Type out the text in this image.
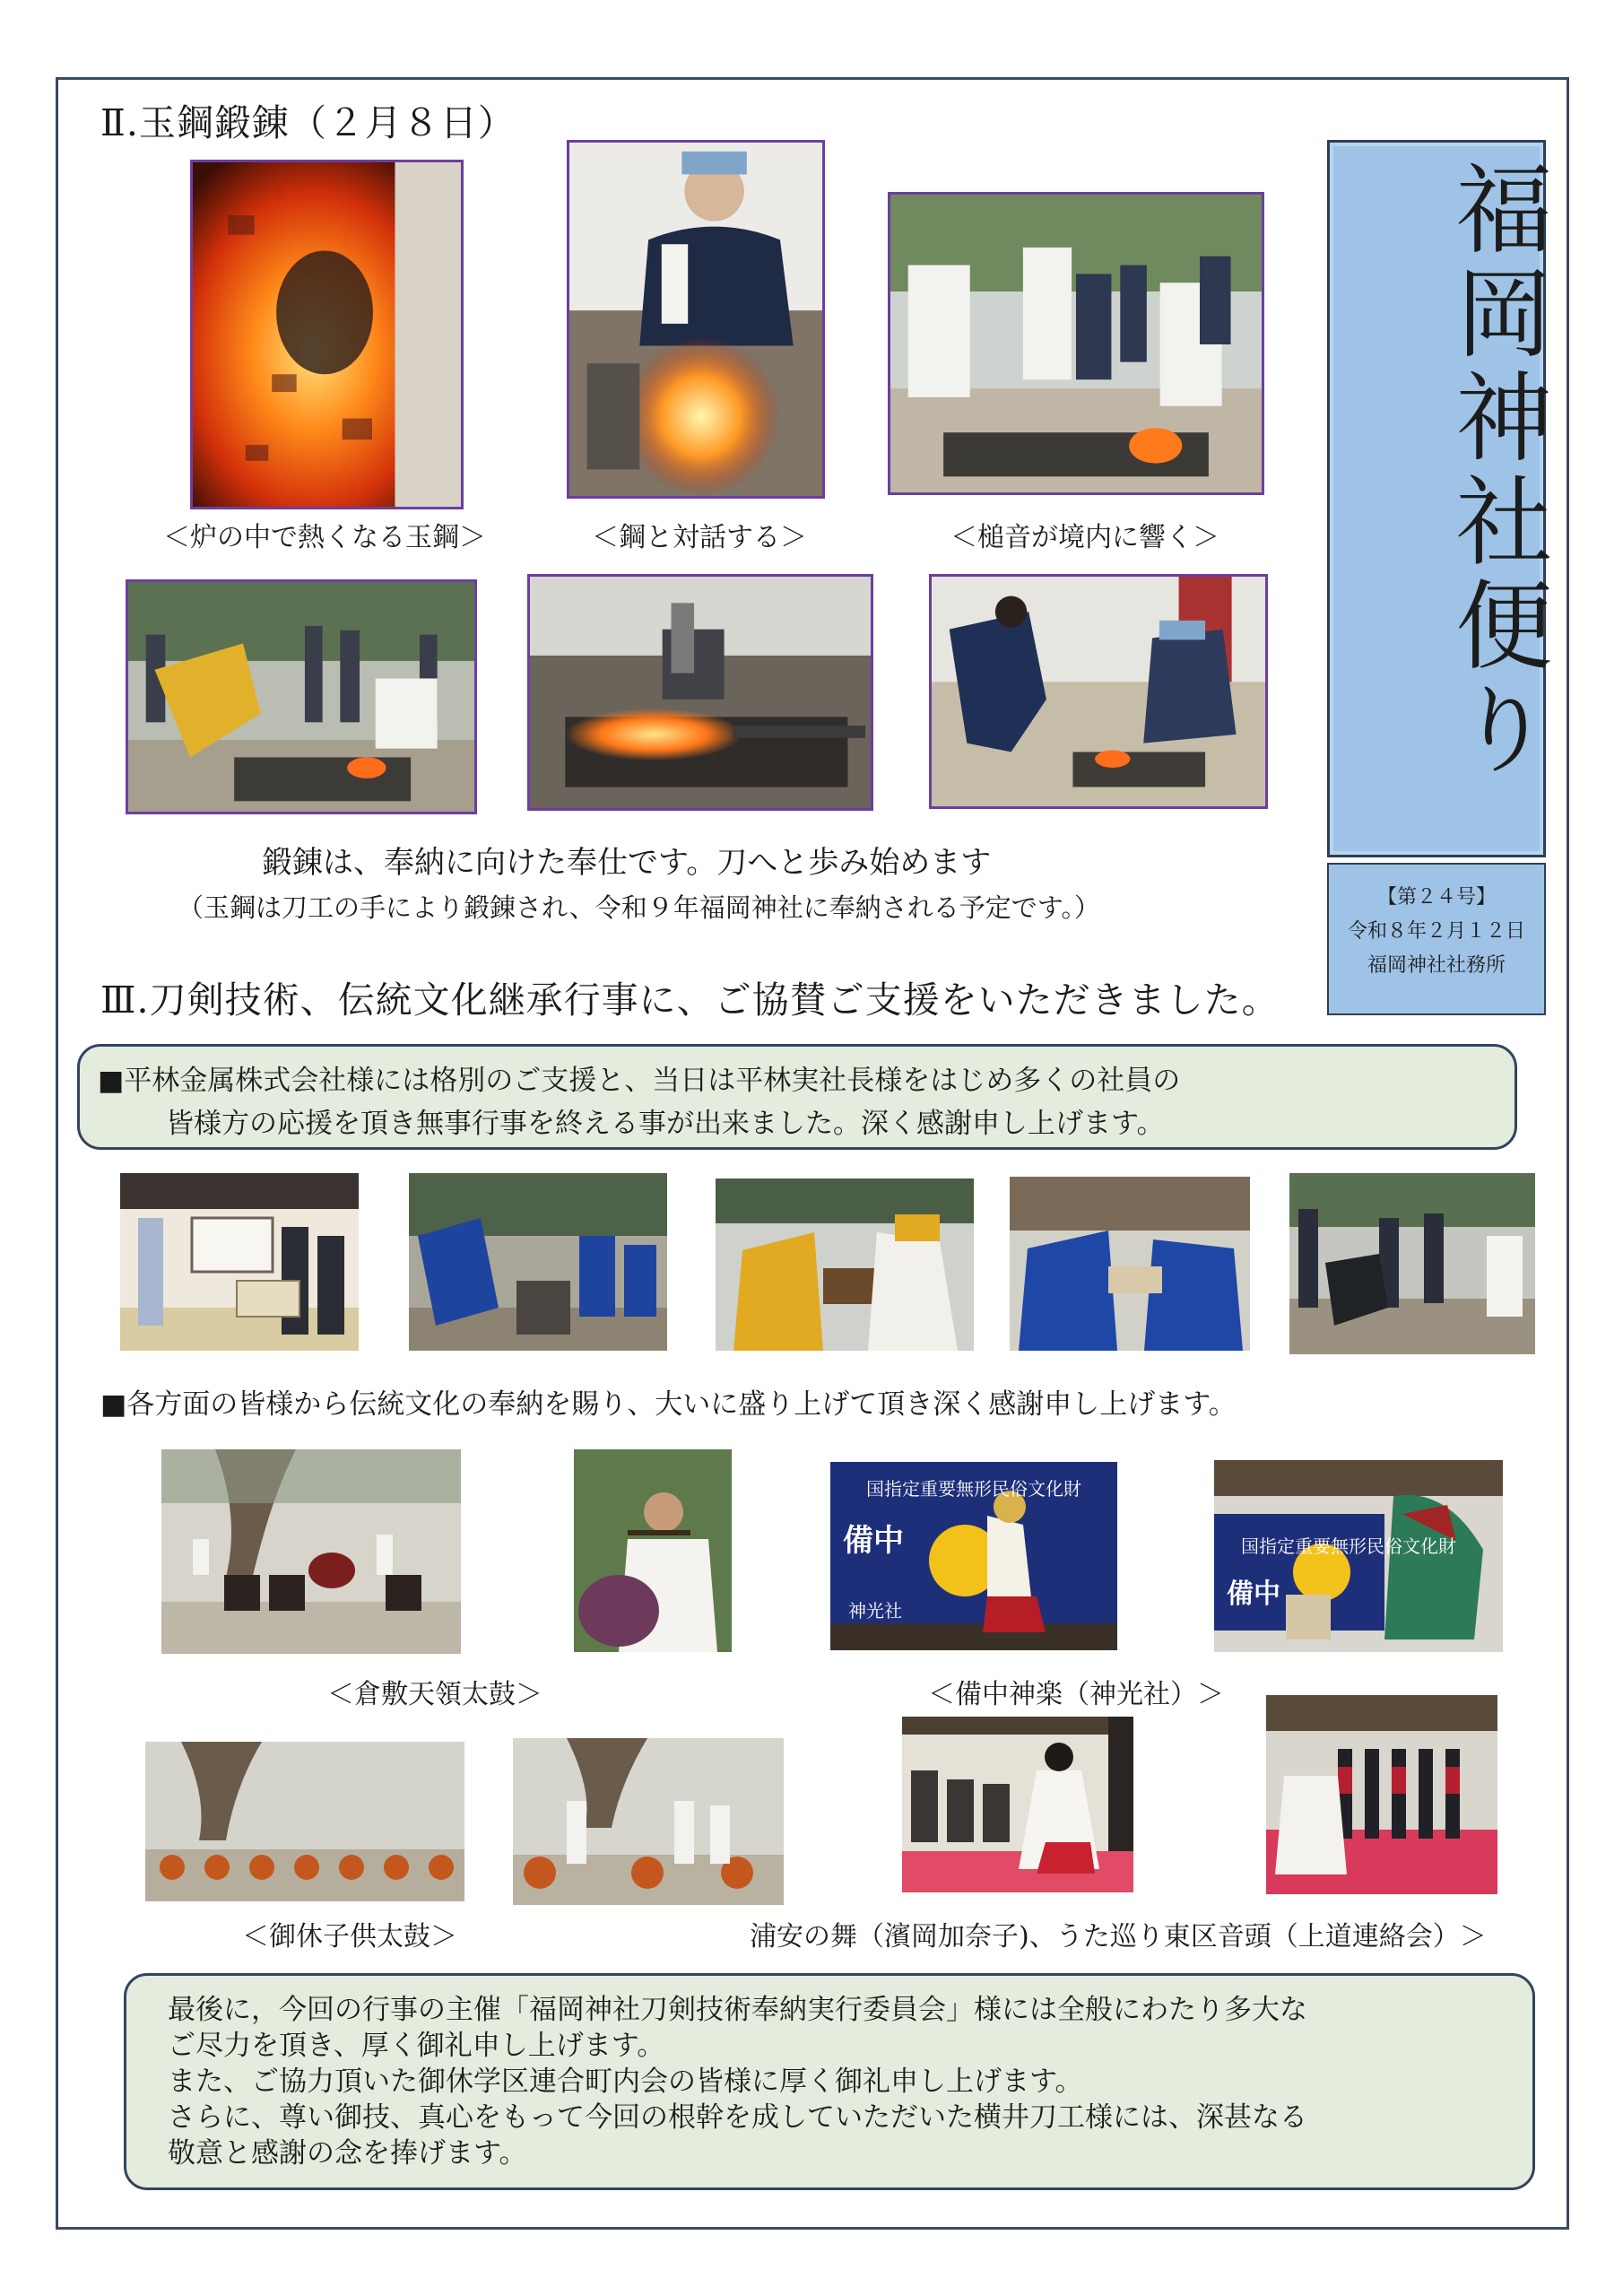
福岡神社便り
【第２４号】
令和８年２月１２日
福岡神社社務所
Ⅱ.玉鋼鍛錬（２月８日）
＜炉の中で熱くなる玉鋼＞	＜鋼と対話する＞	＜槌音が境内に響く＞
鍛錬は、奉納に向けた奉仕です。刀へと歩み始めます
（玉鋼は刀工の手により鍛錬され、令和９年福岡神社に奉納される予定です。）
Ⅲ.刀剣技術、伝統文化継承行事に、ご協賛ご支援をいただきました。
■平林金属株式会社様には格別のご支援と、当日は平林実社長様をはじめ多くの社員の
皆様方の応援を頂き無事行事を終える事が出来ました。深く感謝申し上げます。
■各方面の皆様から伝統文化の奉納を賜り、大いに盛り上げて頂き深く感謝申し上げます。
国指定重要無形民俗文化財
備中
神光社
国指定重要無形民俗文化財
備中
＜倉敷天領太鼓＞	＜備中神楽（神光社）＞
＜御休子供太鼓＞	浦安の舞（濱岡加奈子)、うた巡り東区音頭（上道連絡会）＞
最後に，今回の行事の主催「福岡神社刀剣技術奉納実行委員会」様には全般にわたり多大な
ご尽力を頂き、厚く御礼申し上げます。
また、ご協力頂いた御休学区連合町内会の皆様に厚く御礼申し上げます。
さらに、尊い御技、真心をもって今回の根幹を成していただいた横井刀工様には、深甚なる
敬意と感謝の念を捧げます。
